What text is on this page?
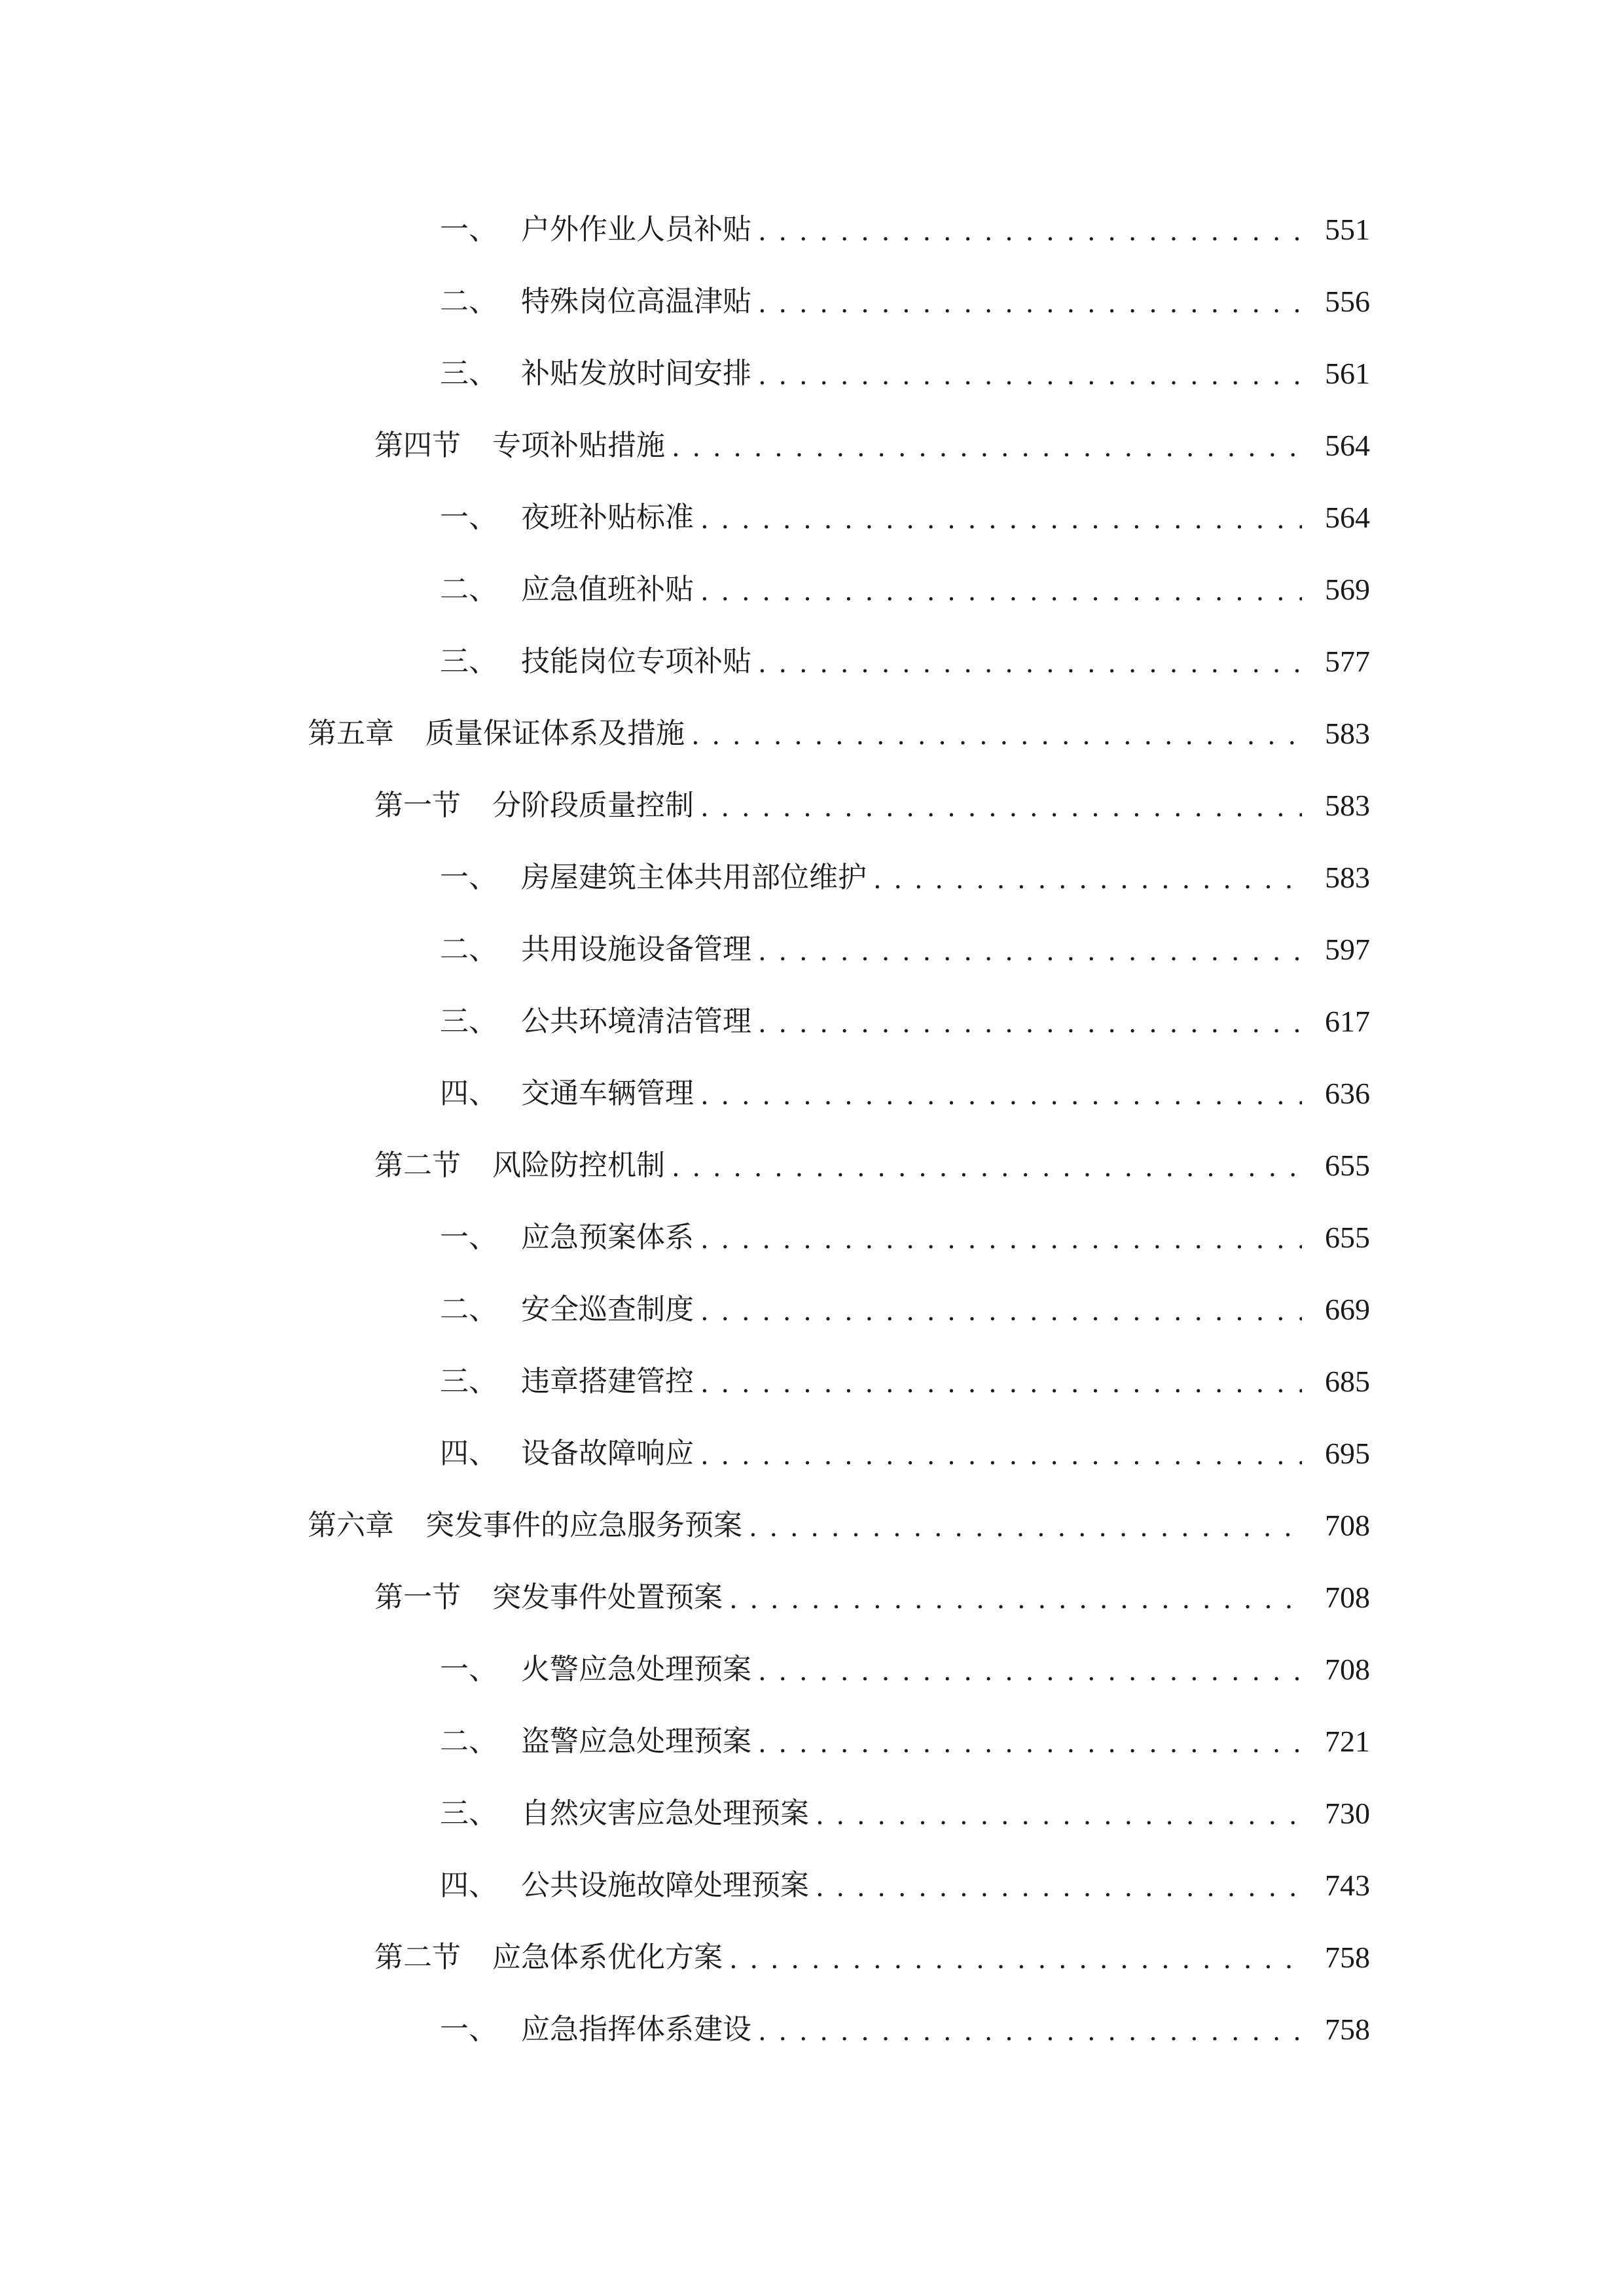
一、 户外作业人员补贴 . . .	551
二、 特殊岗位高温津贴 . . .	556
三、 补贴发放时间安排 . . .	561
第四节	专项补贴措施 . . .	564
一、 夜班补贴标准 . . .	564
二、 应急值班补贴 . . .	569
三、 技能岗位专项补贴 . . .	577
第五章	质量保证体系及措施 . . .	583
第一节	分阶段质量控制 . . .	583
一、 房屋建筑主体共用部位维护 . . .	583
二、 共用设施设备管理 . . .	597
三、 公共环境清洁管理 . . .	617
四、 交通车辆管理 . . .	636
第二节	风险防控机制 . . .	655
一、 应急预案体系 . . .	655
二、 安全巡查制度 . . .	669
三、 违章搭建管控 . . .	685
四、 设备故障响应 . . .	695
第六章	突发事件的应急服务预案 . . .	708
第一节	突发事件处置预案 . . .	708
一、 火警应急处理预案 . . .	708
二、 盗警应急处理预案 . . .	721
三、 自然灾害应急处理预案 . . .	730
四、 公共设施故障处理预案 . . .	743
第二节	应急体系优化方案 . . .	758
一、 应急指挥体系建设 . . .	758
